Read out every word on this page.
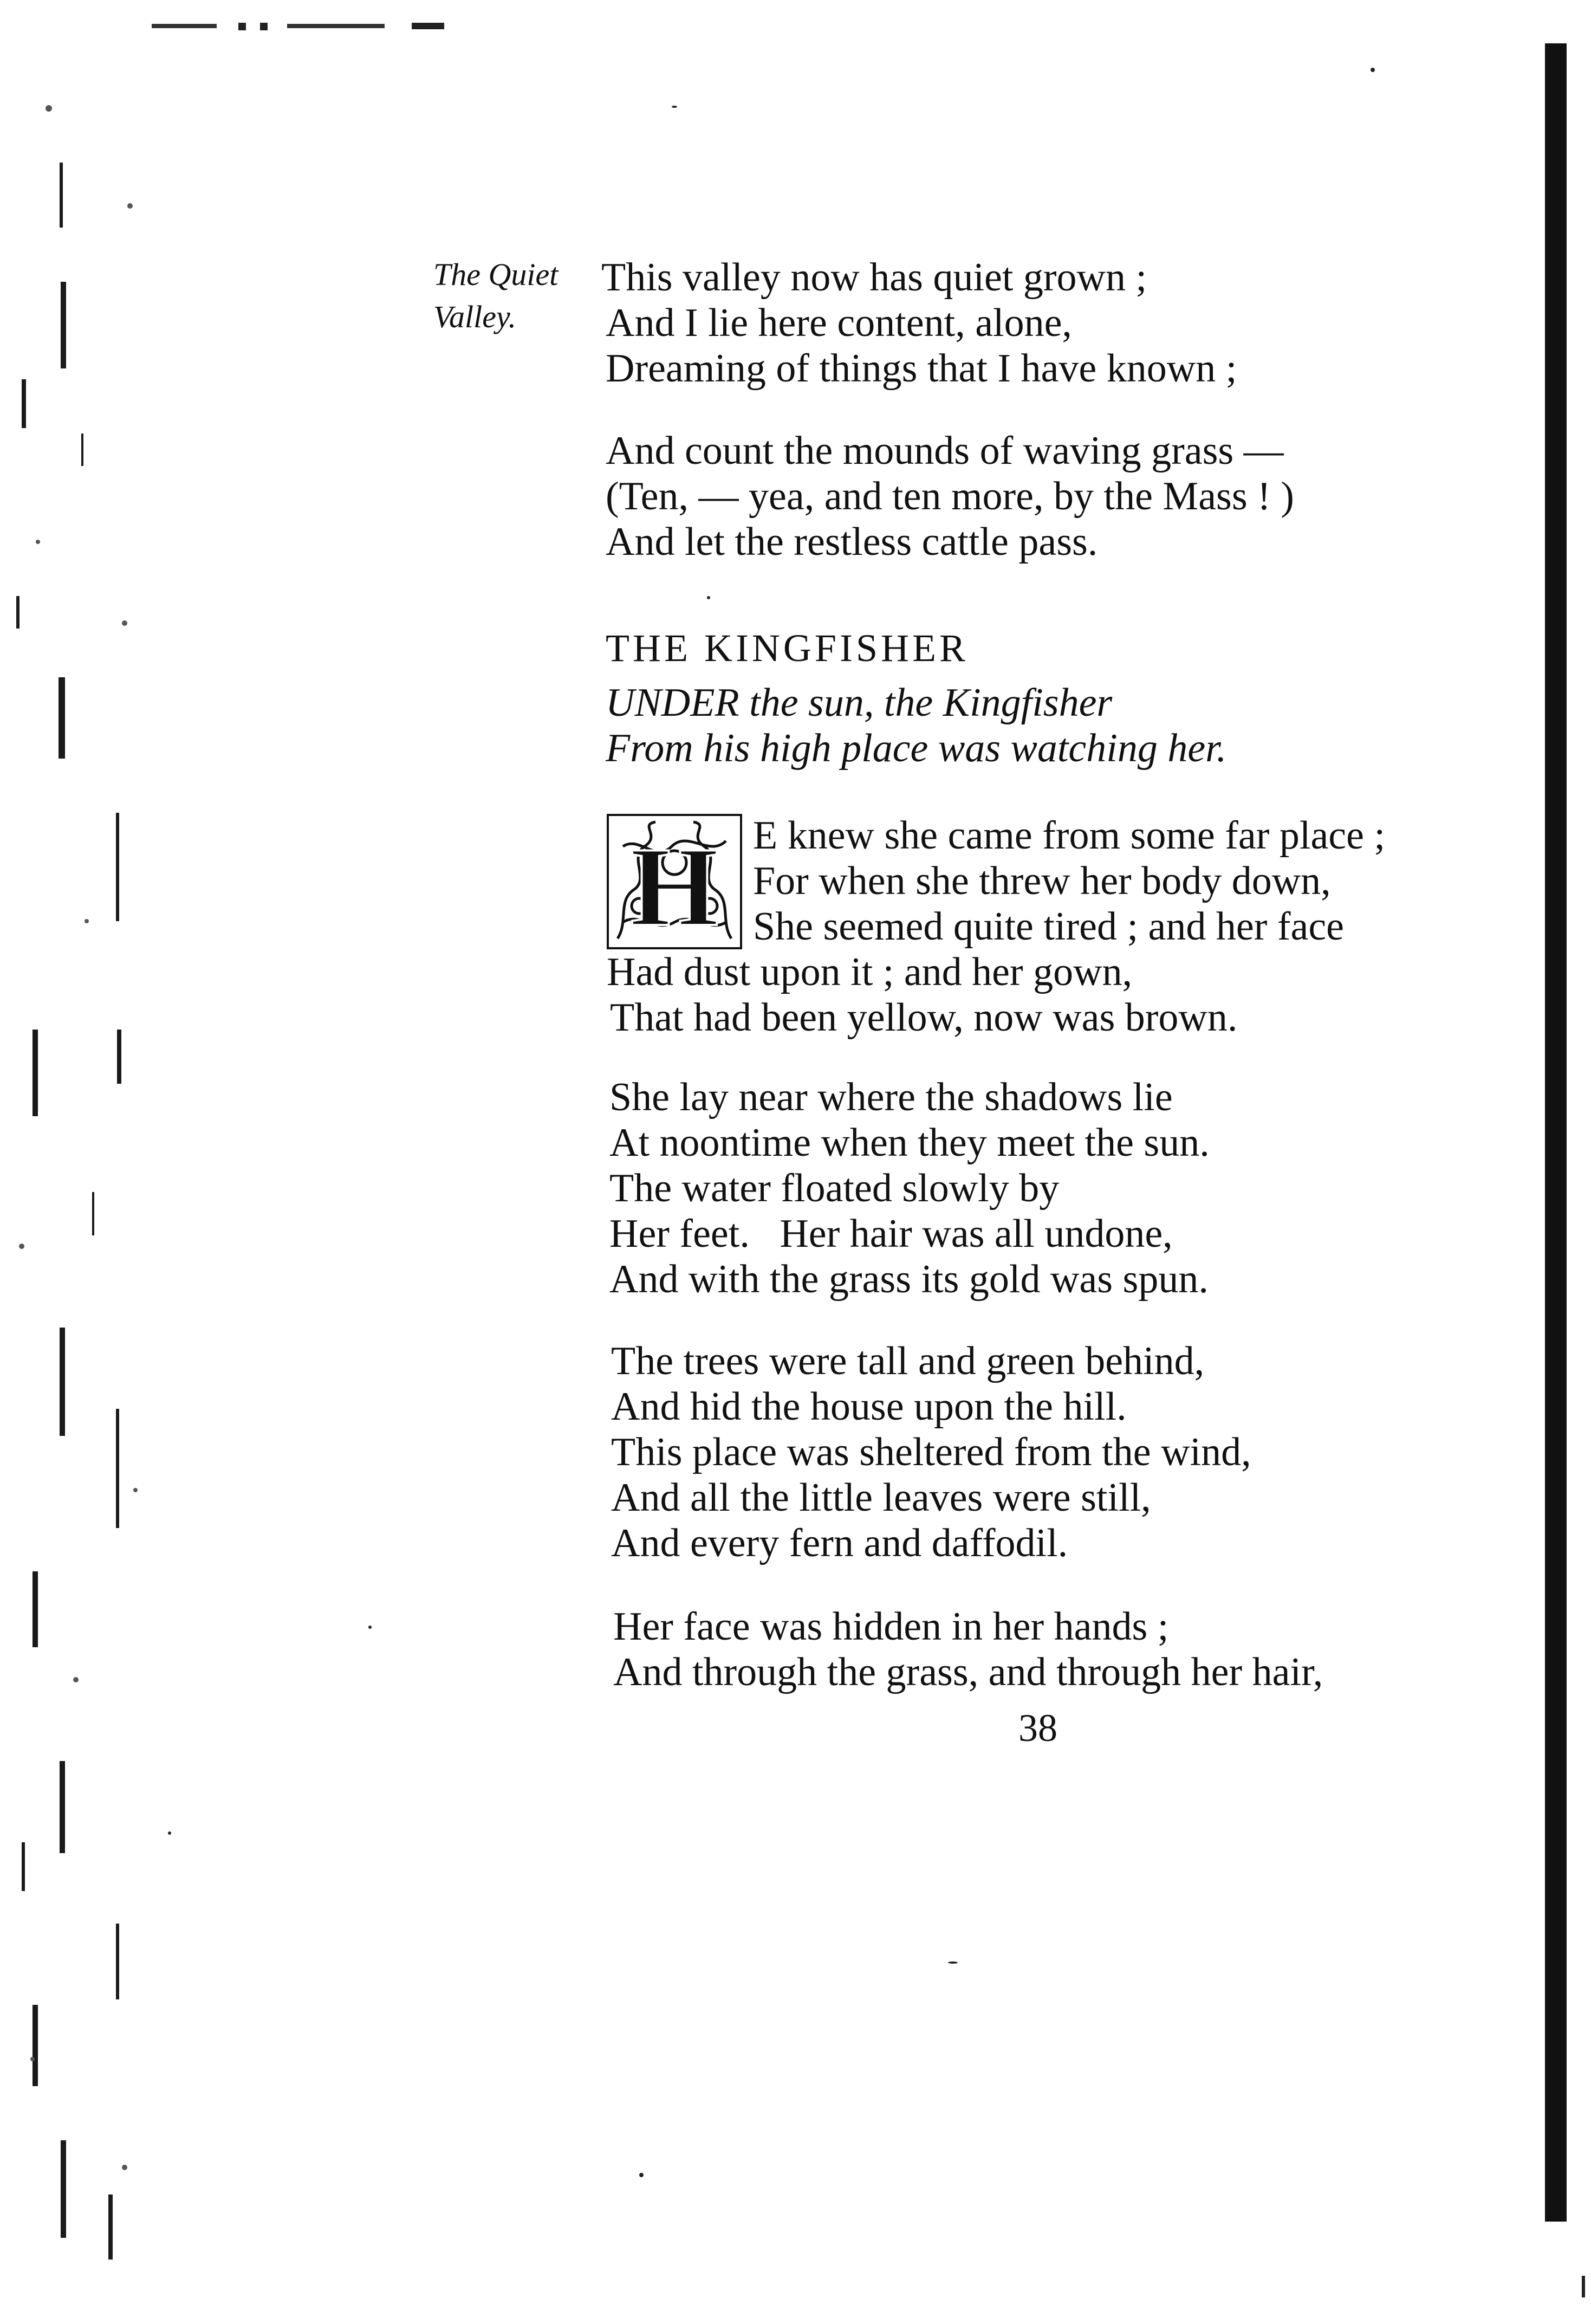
The Quiet
Valley.
This valley now has quiet grown ;
And I lie here content, alone,
Dreaming of things that I have known ;
And count the mounds of waving grass —
(Ten, — yea, and ten more, by the Mass ! )
And let the restless cattle pass.
THE KINGFISHER
UNDER the sun, the Kingfisher
From his high place was watching her.
H E knew she came from some far place ;
For when she threw her body down,
She seemed quite tired ; and her face
Had dust upon it ; and her gown,
That had been yellow, now was brown.
She lay near where the shadows lie
At noontime when they meet the sun.
The water floated slowly by
Her feet.   Her hair was all undone,
And with the grass its gold was spun.
The trees were tall and green behind,
And hid the house upon the hill.
This place was sheltered from the wind,
And all the little leaves were still,
And every fern and daffodil.
Her face was hidden in her hands ;
And through the grass, and through her hair,
38
